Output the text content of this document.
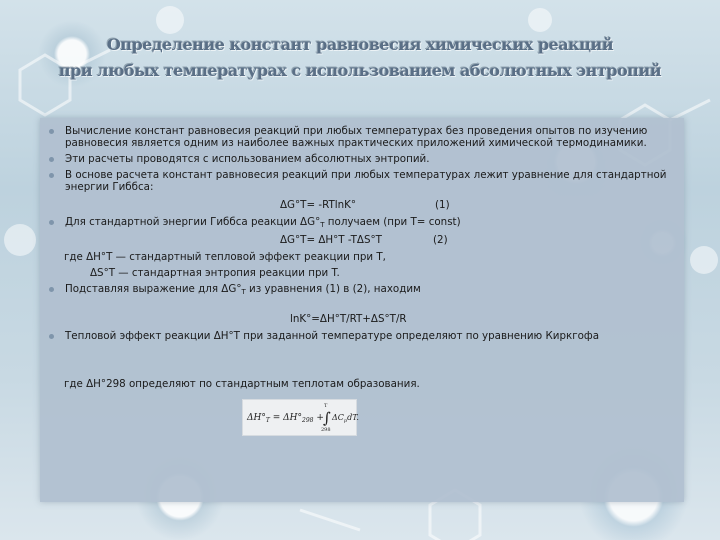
Определение констант равновесия химических реакций
при любых температурах с использованием абсолютных энтропий
Вычисление констант равновесия реакций при любых температурах без проведения опытов по изучению равновесия является одним из наиболее важных практических приложений химической термодинамики.
Эти расчеты проводятся с использованием абсолютных энтропий.
В основе расчета констант равновесия реакций при любых температурах лежит уравнение для стандартной энергии Гиббса:
ΔG°T= -RTlnK°	(1)
Для стандартной энергии Гиббса реакции $\Delta G^\circ_T$ получаем (при T= const)
ΔG°T= ΔH°T -TΔS°T	(2)
где ΔH°T — стандартный тепловой эффект реакции при T,
ΔS°T — стандартная энтропия реакции при T.
Подставляя выражение для $\Delta G^\circ_T$ из уравнения (1) в (2), находим
lnK°=ΔH°T/RT+ΔS°T/R
Тепловой эффект реакции ΔH°T при заданной температуре определяют по уравнению Киркгофа
где ΔH°298 определяют по стандартным теплотам образования.
$\Delta H^\circ_T = \Delta H^\circ_{298}$ + ∫
T
298
$\Delta C_pdT$.
